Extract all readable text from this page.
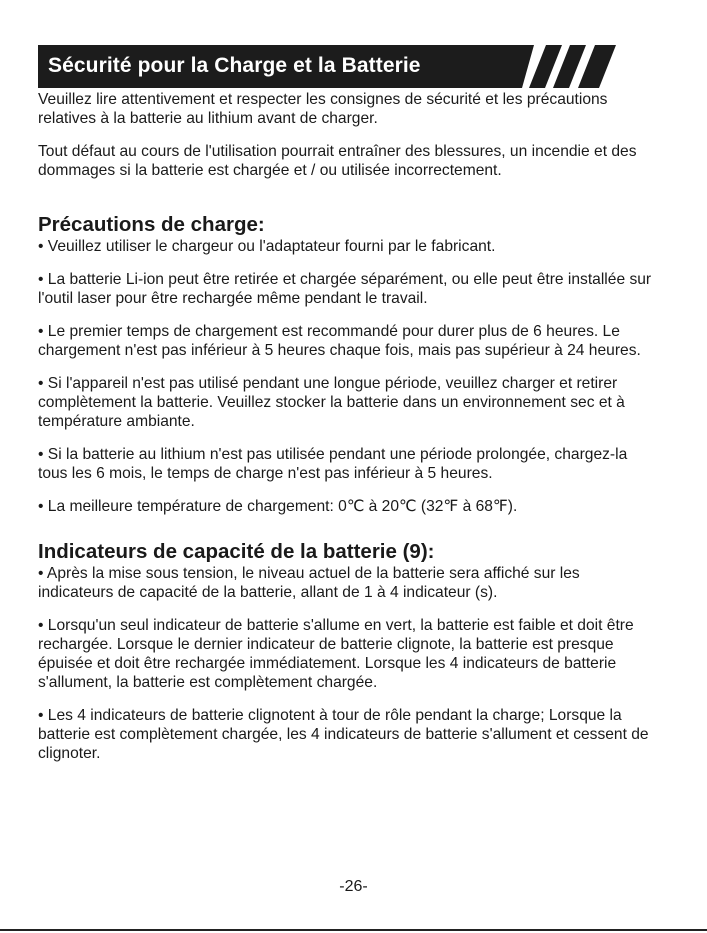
Sécurité pour la Charge et la Batterie

Veuillez lire attentivement et respecter les consignes de sécurité et les précautions relatives à la batterie au lithium avant de charger.

Tout défaut au cours de l'utilisation pourrait entraîner des blessures, un incendie et des dommages si la batterie est chargée et / ou utilisée incorrectement.

Précautions de charge:

• Veuillez utiliser le chargeur ou l'adaptateur fourni par le fabricant.

• La batterie Li-ion peut être retirée et chargée séparément, ou elle peut être installée sur l'outil laser pour être rechargée même pendant le travail.

• Le premier temps de chargement est recommandé pour durer plus de 6 heures. Le chargement n'est pas inférieur à 5 heures chaque fois, mais pas supérieur à 24 heures.

• Si l'appareil n'est pas utilisé pendant une longue période, veuillez charger et retirer complètement la batterie. Veuillez stocker la batterie dans un environnement sec et à température ambiante.

• Si la batterie au lithium n'est pas utilisée pendant une période prolongée, chargez-la tous les 6 mois, le temps de charge n'est pas inférieur à 5 heures.

• La meilleure température de chargement: 0℃ à 20℃ (32℉ à 68℉).

Indicateurs de capacité de la batterie (9):

• Après la mise sous tension, le niveau actuel de la batterie sera affiché sur les indicateurs de capacité de la batterie, allant de 1 à 4 indicateur (s).

• Lorsqu'un seul indicateur de batterie s'allume en vert, la batterie est faible et doit être rechargée. Lorsque le dernier indicateur de batterie clignote, la batterie est presque épuisée et doit être rechargée immédiatement. Lorsque les 4 indicateurs de batterie s'allument, la batterie est complètement chargée.

• Les 4 indicateurs de batterie clignotent à tour de rôle pendant la charge; Lorsque la batterie est complètement chargée, les 4 indicateurs de batterie s'allument et cessent de clignoter.

-26-
